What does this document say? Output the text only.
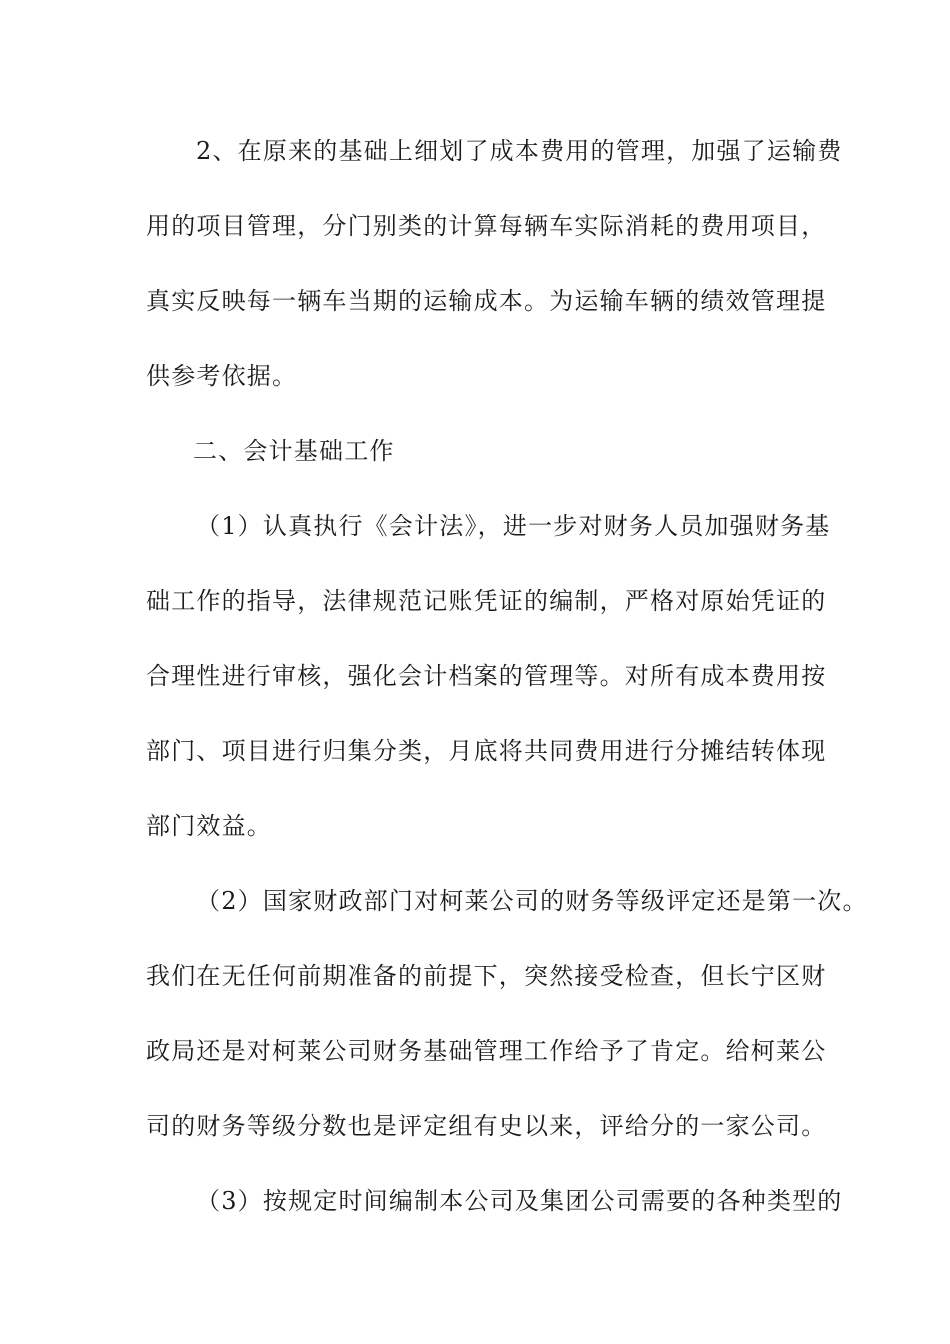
2、在原来的基础上细划了成本费用的管理，加强了运输费
用的项目管理，分门别类的计算每辆车实际消耗的费用项目，
真实反映每一辆车当期的运输成本。为运输车辆的绩效管理提
供参考依据。
二、会计基础工作
（1）认真执行《会计法》，进一步对财务人员加强财务基
础工作的指导，法律规范记账凭证的编制，严格对原始凭证的
合理性进行审核，强化会计档案的管理等。对所有成本费用按
部门、项目进行归集分类，月底将共同费用进行分摊结转体现
部门效益。
（2）国家财政部门对柯莱公司的财务等级评定还是第一次。
我们在无任何前期准备的前提下，突然接受检查，但长宁区财
政局还是对柯莱公司财务基础管理工作给予了肯定。给柯莱公
司的财务等级分数也是评定组有史以来，评给分的一家公司。
（3）按规定时间编制本公司及集团公司需要的各种类型的
